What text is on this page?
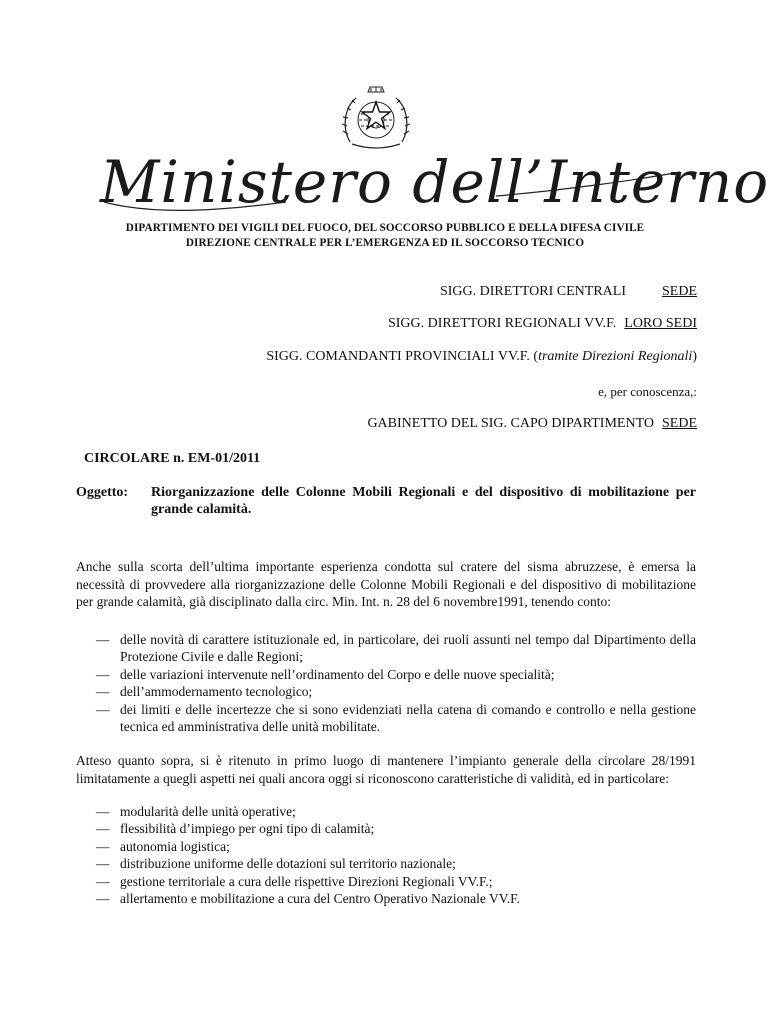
Ministero dell’Interno
DIPARTIMENTO DEI VIGILI DEL FUOCO, DEL SOCCORSO PUBBLICO E DELLA DIFESA CIVILE
DIREZIONE CENTRALE PER L’EMERGENZA ED IL SOCCORSO TECNICO
SIGG. DIRETTORI CENTRALI	SEDE
SIGG. DIRETTORI REGIONALI VV.F. LORO SEDI
SIGG. COMANDANTI PROVINCIALI VV.F. (tramite Direzioni Regionali)
e, per conoscenza,:
GABINETTO DEL SIG. CAPO DIPARTIMENTO SEDE
CIRCOLARE n. EM-01/2011
Oggetto: Riorganizzazione delle Colonne Mobili Regionali e del dispositivo di mobilitazione per grande calamità.
Anche sulla scorta dell’ultima importante esperienza condotta sul cratere del sisma abruzzese, è emersa la necessità di provvedere alla riorganizzazione delle Colonne Mobili Regionali e del dispositivo di mobilitazione per grande calamità, già disciplinato dalla circ. Min. Int. n. 28 del 6 novembre1991, tenendo conto:
— delle novità di carattere istituzionale ed, in particolare, dei ruoli assunti nel tempo dal Dipartimento della Protezione Civile e dalle Regioni;
— delle variazioni intervenute nell’ordinamento del Corpo e delle nuove specialità;
— dell’ammodernamento tecnologico;
— dei limiti e delle incertezze che si sono evidenziati nella catena di comando e controllo e nella gestione tecnica ed amministrativa delle unità mobilitate.
Atteso quanto sopra, si è ritenuto in primo luogo di mantenere l’impianto generale della circolare 28/1991 limitatamente a quegli aspetti nei quali ancora oggi si riconoscono caratteristiche di validità, ed in particolare:
— modularità delle unità operative;
— flessibilità d’impiego per ogni tipo di calamità;
— autonomia logistica;
— distribuzione uniforme delle dotazioni sul territorio nazionale;
— gestione territoriale a cura delle rispettive Direzioni Regionali VV.F.;
— allertamento e mobilitazione a cura del Centro Operativo Nazionale VV.F.
